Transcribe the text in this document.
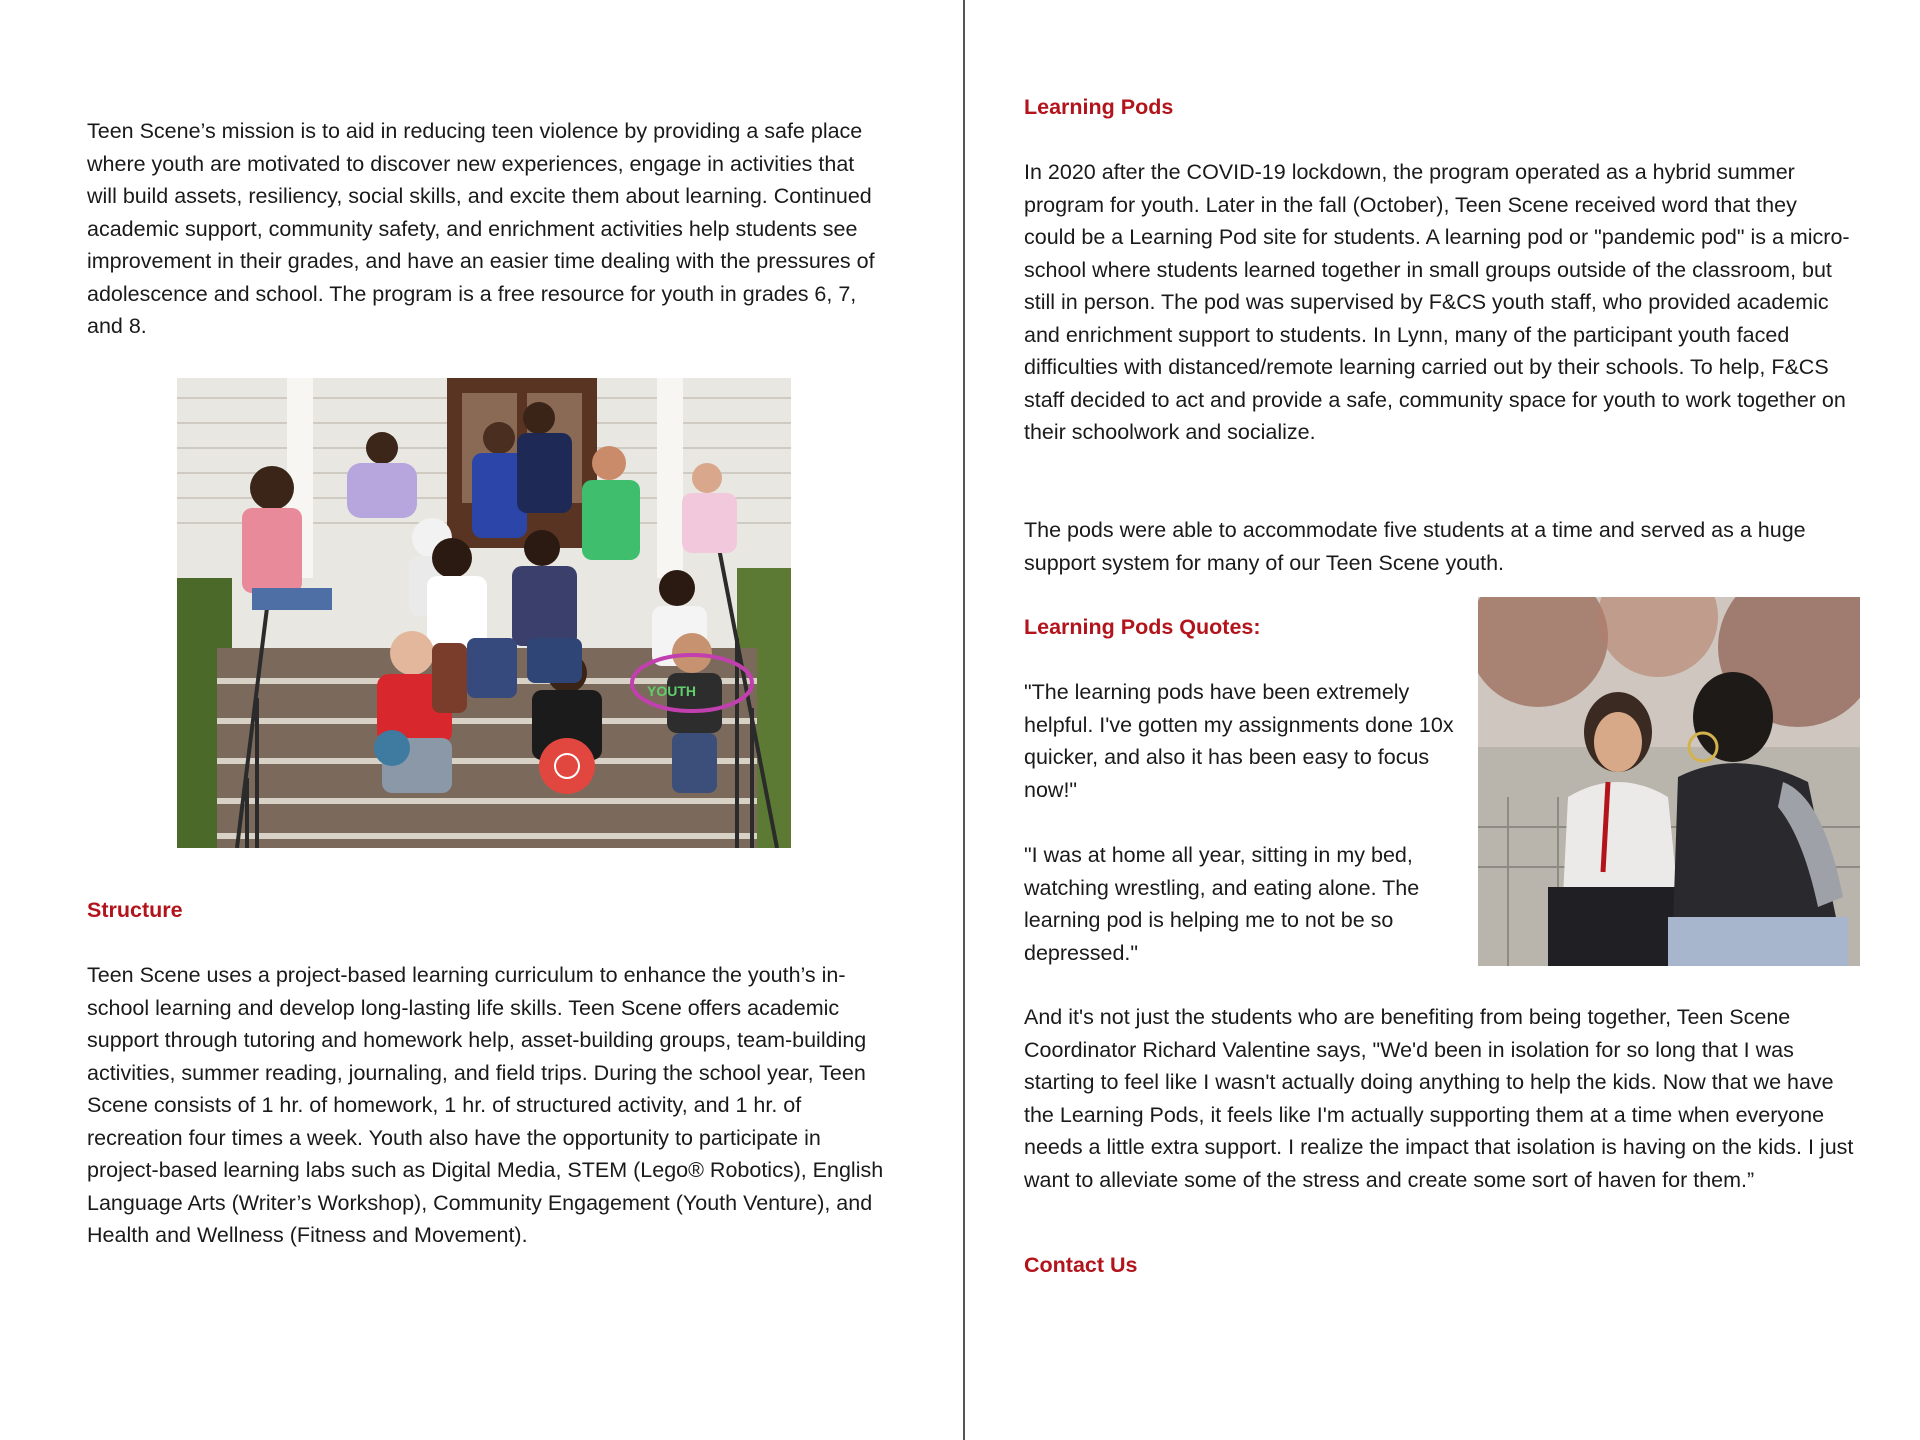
Teen Scene’s mission is to aid in reducing teen violence by providing a safe place where youth are motivated to discover new experiences, engage in activities that will build assets, resiliency, social skills, and excite them about learning. Continued academic support, community safety, and enrichment activities help students see improvement in their grades, and have an easier time dealing with the pressures of adolescence and school. The program is a free resource for youth in grades 6, 7, and 8.

YOUTH
Structure

Teen Scene uses a project-based learning curriculum to enhance the youth’s in-school learning and develop long-lasting life skills. Teen Scene offers academic support through tutoring and homework help, asset-building groups, team-building activities, summer reading, journaling, and field trips. During the school year, Teen Scene consists of 1 hr. of homework, 1 hr. of structured activity, and 1 hr. of recreation four times a week. Youth also have the opportunity to participate in project-based learning labs such as Digital Media, STEM (Lego® Robotics), English Language Arts (Writer’s Workshop), Community Engagement (Youth Venture), and Health and Wellness (Fitness and Movement).

Learning Pods

In 2020 after the COVID-19 lockdown, the program operated as a hybrid summer program for youth. Later in the fall (October), Teen Scene received word that they could be a Learning Pod site for students. A learning pod or "pandemic pod" is a micro-school where students learned together in small groups outside of the classroom, but still in person. The pod was supervised by F&CS youth staff, who provided academic and enrichment support to students. In Lynn, many of the participant youth faced difficulties with distanced/remote learning carried out by their schools. To help, F&CS staff decided to act and provide a safe, community space for youth to work together on their schoolwork and socialize.

The pods were able to accommodate five students at a time and served as a huge support system for many of our Teen Scene youth.

Learning Pods Quotes:

"The learning pods have been extremely helpful. I've gotten my assignments done 10x quicker, and also it has been easy to focus now!"

"I was at home all year, sitting in my bed, watching wrestling, and eating alone. The learning pod is helping me to not be so depressed."

And it's not just the students who are benefiting from being together, Teen Scene Coordinator Richard Valentine says, "We'd been in isolation for so long that I was starting to feel like I wasn't actually doing anything to help the kids. Now that we have the Learning Pods, it feels like I'm actually supporting them at a time when everyone needs a little extra support. I realize the impact that isolation is having on the kids. I just want to alleviate some of the stress and create some sort of haven for them.”

Contact Us
